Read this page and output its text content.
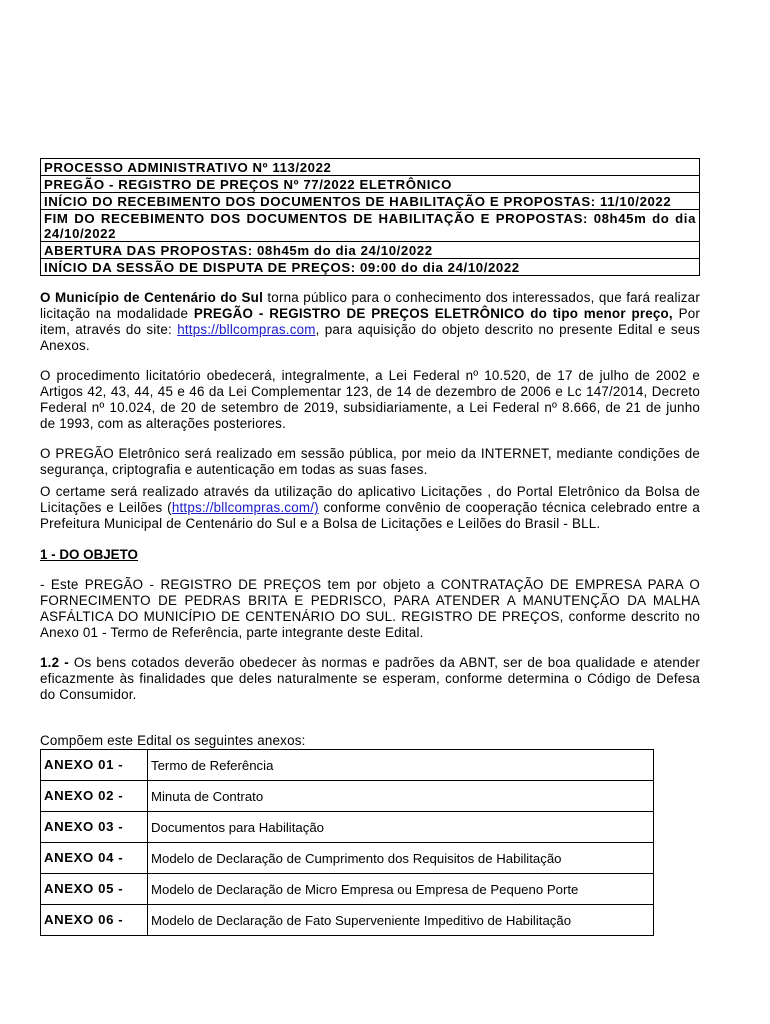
PROCESSO ADMINISTRATIVO Nº 113/2022
PREGÃO - REGISTRO DE PREÇOS Nº 77/2022 ELETRÔNICO
INÍCIO DO RECEBIMENTO DOS DOCUMENTOS DE HABILITAÇÃO E PROPOSTAS: 11/10/2022
FIM DO RECEBIMENTO DOS DOCUMENTOS DE HABILITAÇÃO E PROPOSTAS: 08h45m do dia 24/10/2022
ABERTURA DAS PROPOSTAS: 08h45m do dia 24/10/2022
INÍCIO DA SESSÃO DE DISPUTA DE PREÇOS: 09:00 do dia 24/10/2022

O Município de Centenário do Sul torna público para o conhecimento dos interessados, que fará realizar licitação na modalidade PREGÃO - REGISTRO DE PREÇOS ELETRÔNICO do tipo menor preço, Por item, através do site: https://bllcompras.com, para aquisição do objeto descrito no presente Edital e seus Anexos.

O procedimento licitatório obedecerá, integralmente, a Lei Federal nº 10.520, de 17 de julho de 2002 e Artigos 42, 43, 44, 45 e 46 da Lei Complementar 123, de 14 de dezembro de 2006 e Lc 147/2014, Decreto Federal nº 10.024, de 20 de setembro de 2019, subsidiariamente, a Lei Federal nº 8.666, de 21 de junho de 1993, com as alterações posteriores.

O PREGÃO Eletrônico será realizado em sessão pública, por meio da INTERNET, mediante condições de segurança, criptografia e autenticação em todas as suas fases.

O certame será realizado através da utilização do aplicativo Licitações , do Portal Eletrônico da Bolsa de Licitações e Leilões (https://bllcompras.com/) conforme convênio de cooperação técnica celebrado entre a Prefeitura Municipal de Centenário do Sul e a Bolsa de Licitações e Leilões do Brasil - BLL.

1 - DO OBJETO

- Este PREGÃO - REGISTRO DE PREÇOS tem por objeto a CONTRATAÇÃO DE EMPRESA PARA O FORNECIMENTO DE PEDRAS BRITA E PEDRISCO, PARA ATENDER A MANUTENÇÃO DA MALHA ASFÁLTICA DO MUNICÍPIO DE CENTENÁRIO DO SUL. REGISTRO DE PREÇOS, conforme descrito no Anexo 01 - Termo de Referência, parte integrante deste Edital.

1.2 - Os bens cotados deverão obedecer às normas e padrões da ABNT, ser de boa qualidade e atender eficazmente às finalidades que deles naturalmente se esperam, conforme determina o Código de Defesa do Consumidor.

Compõem este Edital os seguintes anexos:

ANEXO 01 -	Termo de Referência
ANEXO 02 -	Minuta de Contrato
ANEXO 03 -	Documentos para Habilitação
ANEXO 04 -	Modelo de Declaração de Cumprimento dos Requisitos de Habilitação
ANEXO 05 -	Modelo de Declaração de Micro Empresa ou Empresa de Pequeno Porte
ANEXO 06 -	Modelo de Declaração de Fato Superveniente Impeditivo de Habilitação
